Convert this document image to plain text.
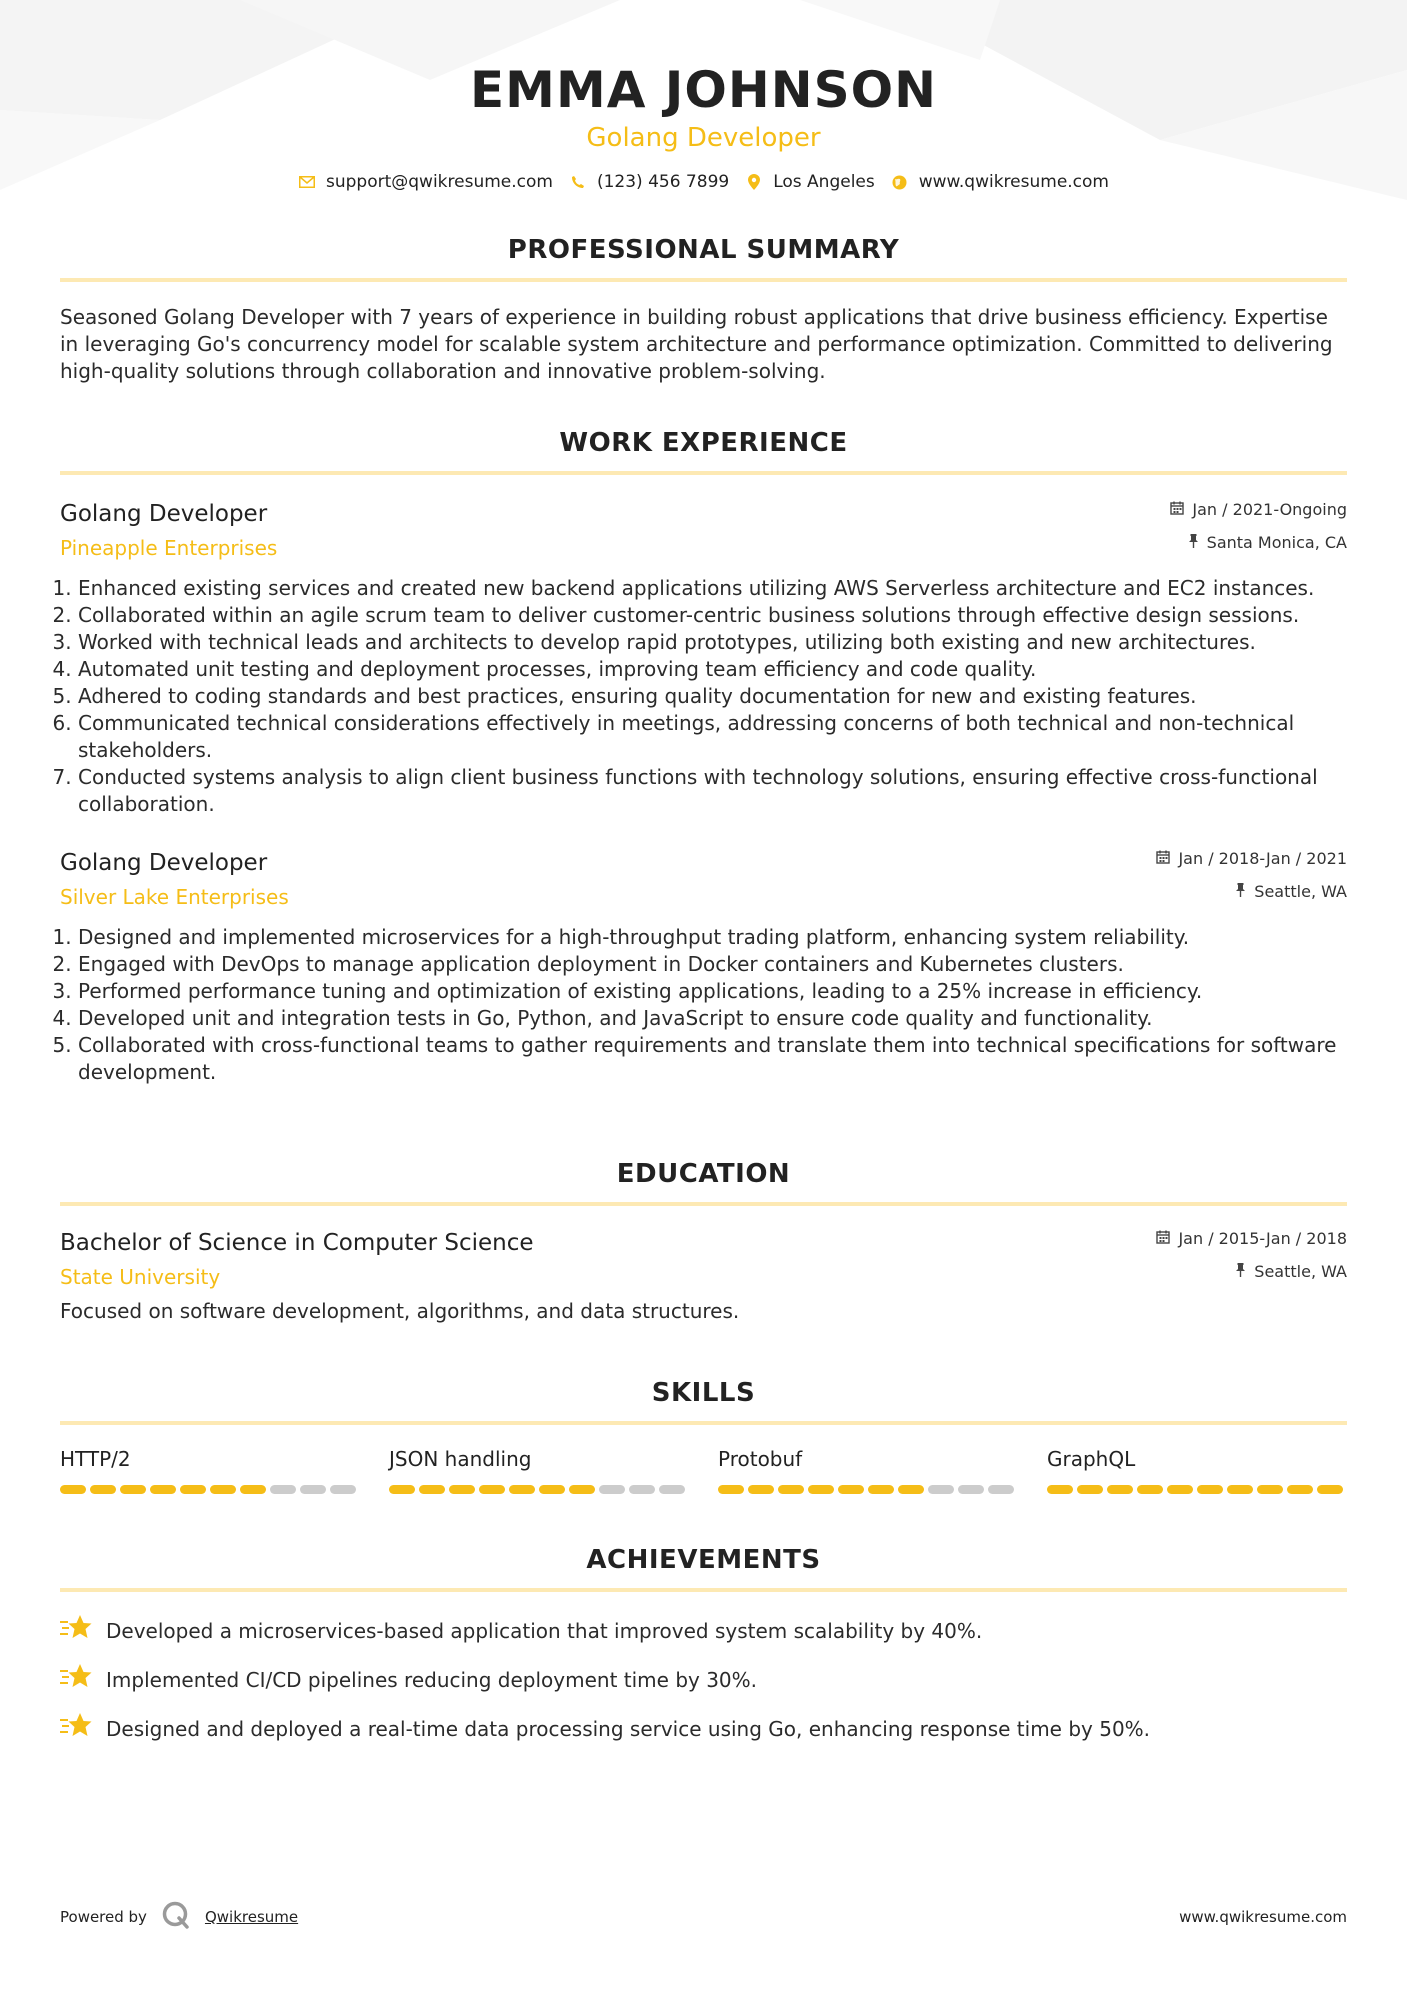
EMMA JOHNSON
Golang Developer
support@qwikresume.com	(123) 456 7899	Los Angeles	www.qwikresume.com
PROFESSIONAL SUMMARY

Seasoned Golang Developer with 7 years of experience in building robust applications that drive business efficiency. Expertise in leveraging Go's concurrency model for scalable system architecture and performance optimization. Committed to delivering high-quality solutions through collaboration and innovative problem-solving.

WORK EXPERIENCE
Golang Developer
Pineapple Enterprises
Jan / 2021-Ongoing
Santa Monica, CA
1. Enhanced existing services and created new backend applications utilizing AWS Serverless architecture and EC2 instances.
2. Collaborated within an agile scrum team to deliver customer-centric business solutions through effective design sessions.
3. Worked with technical leads and architects to develop rapid prototypes, utilizing both existing and new architectures.
4. Automated unit testing and deployment processes, improving team efficiency and code quality.
5. Adhered to coding standards and best practices, ensuring quality documentation for new and existing features.
6. Communicated technical considerations effectively in meetings, addressing concerns of both technical and non-technical stakeholders.
7. Conducted systems analysis to align client business functions with technology solutions, ensuring effective cross-functional collaboration.
Golang Developer
Silver Lake Enterprises
Jan / 2018-Jan / 2021
Seattle, WA
1. Designed and implemented microservices for a high-throughput trading platform, enhancing system reliability.
2. Engaged with DevOps to manage application deployment in Docker containers and Kubernetes clusters.
3. Performed performance tuning and optimization of existing applications, leading to a 25% increase in efficiency.
4. Developed unit and integration tests in Go, Python, and JavaScript to ensure code quality and functionality.
5. Collaborated with cross-functional teams to gather requirements and translate them into technical specifications for software development.
EDUCATION
Bachelor of Science in Computer Science
State University
Jan / 2015-Jan / 2018
Seattle, WA

Focused on software development, algorithms, and data structures.

SKILLS
HTTP/2	JSON handling	Protobuf	GraphQL
ACHIEVEMENTS
Developed a microservices-based application that improved system scalability by 40%.
Implemented CI/CD pipelines reducing deployment time by 30%.
Designed and deployed a real-time data processing service using Go, enhancing response time by 50%.
Powered by	Qwikresume	www.qwikresume.com
